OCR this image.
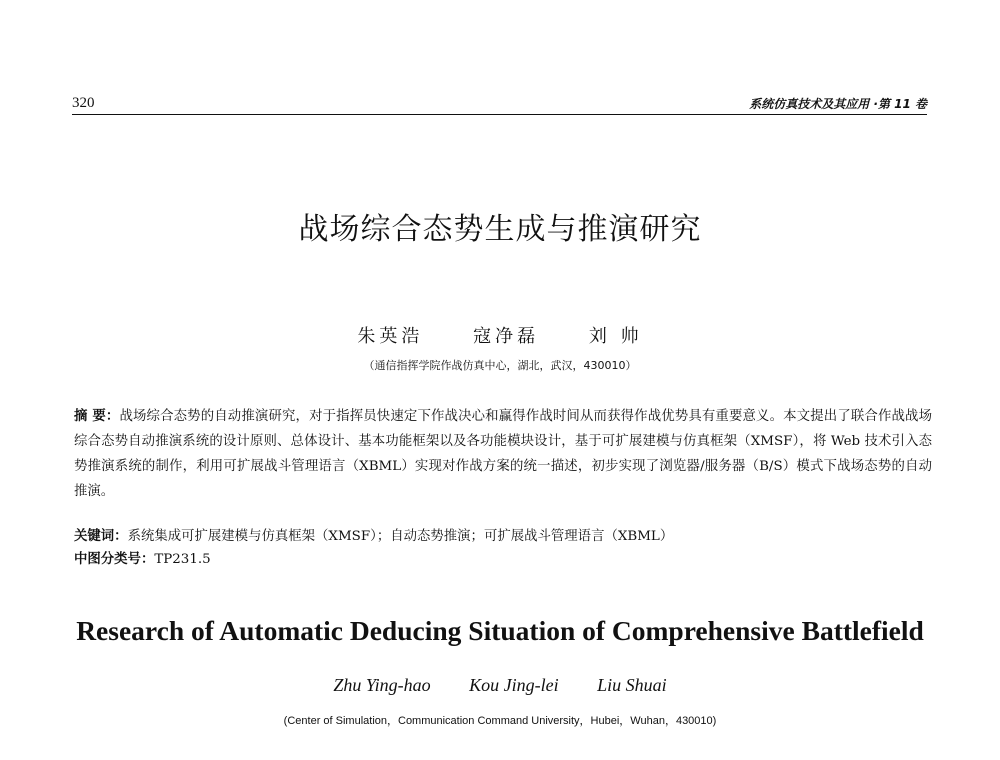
320	系统仿真技术及其应用 ·第 11 卷
战场综合态势生成与推演研究
朱英浩	寇净磊	刘 帅
（通信指挥学院作战仿真中心，湖北，武汉，430010）
摘 要：战场综合态势的自动推演研究，对于指挥员快速定下作战决心和赢得作战时间从而获得作战优势具有重要意义。本文提出了联合作战战场综合态势自动推演系统的设计原则、总体设计、基本功能框架以及各功能模块设计，基于可扩展建模与仿真框架（XMSF），将 Web 技术引入态势推演系统的制作，利用可扩展战斗管理语言（XBML）实现对作战方案的统一描述，初步实现了浏览器/服务器（B/S）模式下战场态势的自动推演。
关键词：系统集成可扩展建模与仿真框架（XMSF）；自动态势推演；可扩展战斗管理语言（XBML）
中图分类号：TP231.5
Research of Automatic Deducing Situation of Comprehensive Battlefield
Zhu Ying-hao Kou Jing-lei Liu Shuai
(Center of Simulation，Communication Command University，Hubei，Wuhan，430010)
